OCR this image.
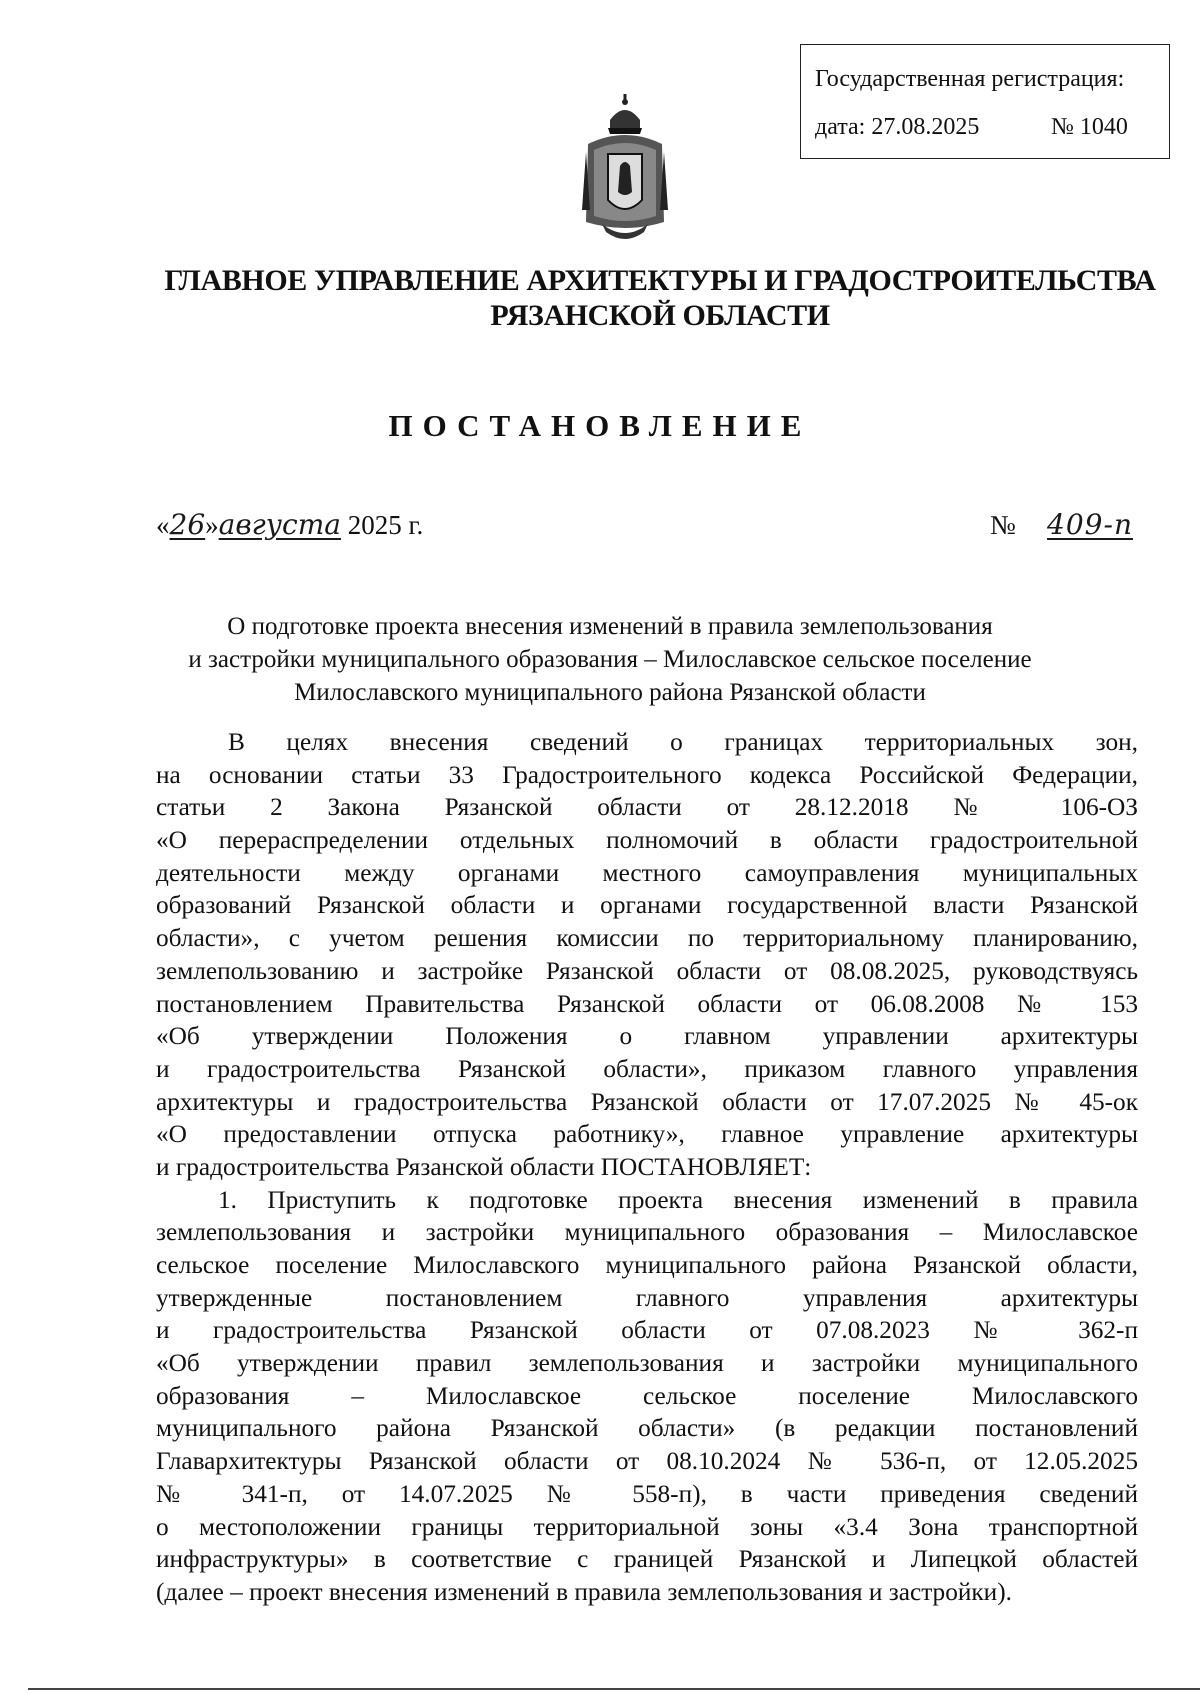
Государственная регистрация:
дата: 27.08.2025	№ 1040
ГЛАВНОЕ УПРАВЛЕНИЕ АРХИТЕКТУРЫ И ГРАДОСТРОИТЕЛЬСТВА
РЯЗАНСКОЙ ОБЛАСТИ
ПОСТАНОВЛЕНИЕ
«26»августа 2025 г.	№ 409-п
О подготовке проекта внесения изменений в правила землепользования
и застройки муниципального образования – Милославское сельское поселение
Милославского муниципального района Рязанской области
В целях внесения сведений о границах территориальных зон,
на основании статьи 33 Градостроительного кодекса Российской Федерации,
статьи 2 Закона Рязанской области от 28.12.2018 № 106-ОЗ
«О перераспределении отдельных полномочий в области градостроительной
деятельности между органами местного самоуправления муниципальных
образований Рязанской области и органами государственной власти Рязанской
области», с учетом решения комиссии по территориальному планированию,
землепользованию и застройке Рязанской области от 08.08.2025, руководствуясь
постановлением Правительства Рязанской области от 06.08.2008 № 153
«Об утверждении Положения о главном управлении архитектуры
и градостроительства Рязанской области», приказом главного управления
архитектуры и градостроительства Рязанской области от 17.07.2025 № 45-ок
«О предоставлении отпуска работнику», главное управление архитектуры
и градостроительства Рязанской области ПОСТАНОВЛЯЕТ:
1. Приступить к подготовке проекта внесения изменений в правила
землепользования и застройки муниципального образования – Милославское
сельское поселение Милославского муниципального района Рязанской области,
утвержденные постановлением главного управления архитектуры
и градостроительства Рязанской области от 07.08.2023 № 362-п
«Об утверждении правил землепользования и застройки муниципального
образования – Милославское сельское поселение Милославского
муниципального района Рязанской области» (в редакции постановлений
Главархитектуры Рязанской области от 08.10.2024 № 536-п, от 12.05.2025
№ 341-п, от 14.07.2025 № 558-п), в части приведения сведений
о местоположении границы территориальной зоны «3.4 Зона транспортной
инфраструктуры» в соответствие с границей Рязанской и Липецкой областей
(далее – проект внесения изменений в правила землепользования и застройки).
